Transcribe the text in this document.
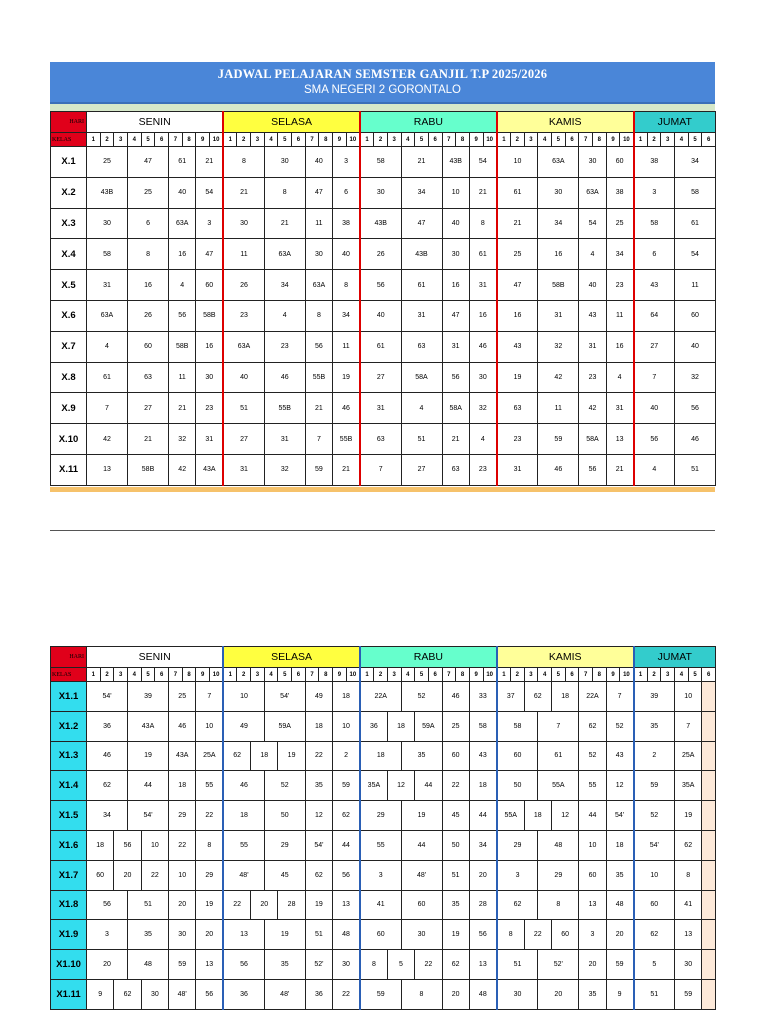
JADWAL PELAJARAN SEMSTER GANJIL T.P 2025/2026
SMA NEGERI 2 GORONTALO
HARI	SENIN										SELASA										RABU										KAMIS										JUMAT					
KELAS	1	2	3	4	5	6	7	8	9	10	1	2	3	4	5	6	7	8	9	10	1	2	3	4	5	6	7	8	9	10	1	2	3	4	5	6	7	8	9	10	1	2	3	4	5	6
X.1	25			47			61		21		8			30			40		3		58			21			43B		54		10			63A			30		60		38			34		
X.2	43B			25			40		54		21			8			47		6		30			34			10		21		61			30			63A		38		3			58		
X.3	30			6			63A		3		30			21			11		38		43B			47			40		8		21			34			54		25		58			61		
X.4	58			8			16		47		11			63A			30		40		26			43B			30		61		25			16			4		34		6			54		
X.5	31			16			4		60		26			34			63A		8		56			61			16		31		47			58B			40		23		43			11		
X.6	63A			26			56		58B		23			4			8		34		40			31			47		16		16			31			43		11		64			60		
X.7	4			60			58B		16		63A			23			56		11		61			63			31		46		43			32			31		16		27			40		
X.8	61			63			11		30		40			46			55B		19		27			58A			56		30		19			42			23		4		7			32		
X.9	7			27			21		23		51			55B			21		46		31			4			58A		32		63			11			42		31		40			56		
X.10	42			21			32		31		27			31			7		55B		63			51			21		4		23			59			58A		13		56			46		
X.11	13			58B			42		43A		31			32			59		21		7			27			63		23		31			46			56		21		4			51		
HARI	SENIN										SELASA										RABU										KAMIS										JUMAT					
KELAS	1	2	3	4	5	6	7	8	9	10	1	2	3	4	5	6	7	8	9	10	1	2	3	4	5	6	7	8	9	10	1	2	3	4	5	6	7	8	9	10	1	2	3	4	5	6
X1.1	54'			39			25		7		10			54'			49		18		22A			52			46		33		37		62		18		22A		7		39			10		
X1.2	36			43A			46		10		49			59A			18		10		36		18		59A		25		58		58			7			62		52		35			7		
X1.3	46			19			43A		25A		62		18		19		22		2		18			35			60		43		60			61			52		43		2			25A		
X1.4	62			44			18		55		46			52			35		59		35A		12		44		22		18		50			55A			55		12		59			35A		
X1.5	34			54'			29		22		18			50			12		62		29			19			45		44		55A		18		12		44		54'		52			19		
X1.6	18		56		10		22		8		55			29			54'		44		55			44			50		34		29			48			10		18		54'			62		
X1.7	60		20		22		10		29		48'			45			62		56		3			48'			51		20		3			29			60		35		10			8		
X1.8	56			51			20		19		22		20		28		19		13		41			60			35		28		62			8			13		48		60			41		
X1.9	3			35			30		20		13			19			51		48		60			30			19		56		8		22		60		3		20		62			13		
X1.10	20			48			59		13		56			35			52'		30		8		5		22		62		13		51			52'			20		59		5			30		
X1.11	9		62		30		48'		56		36			48'			36		22		59			8			20		48		30			20			35		9		51			59		
